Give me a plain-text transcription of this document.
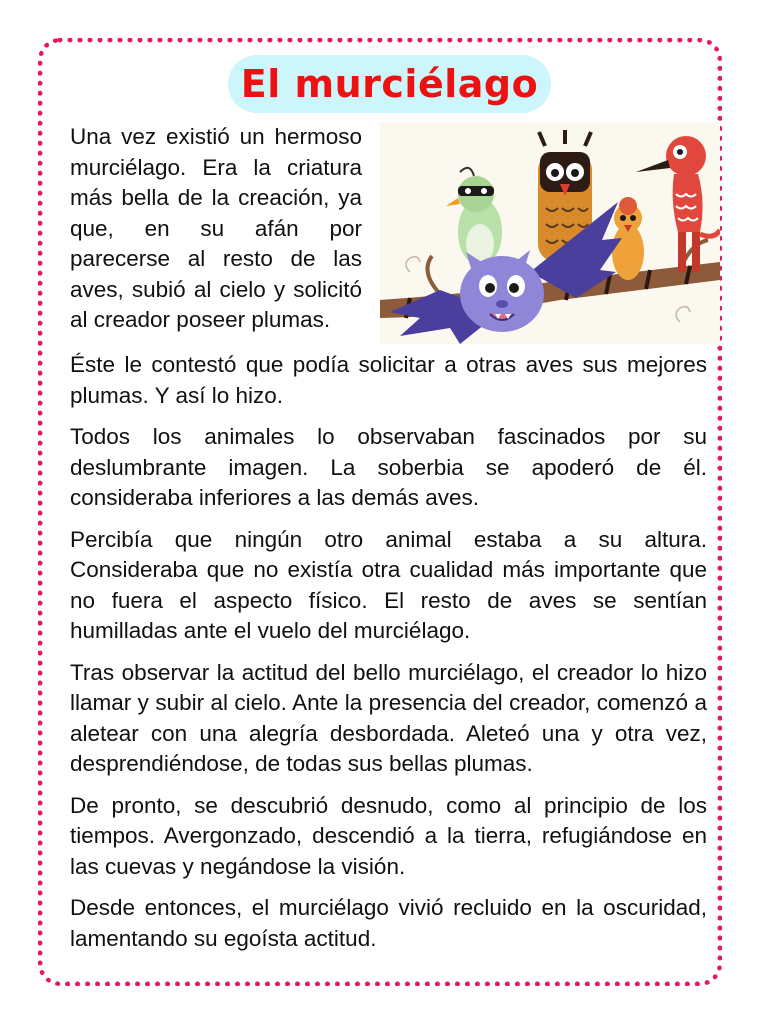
El murciélago

Una vez existió un hermoso murciélago. Era la criatura más bella de la creación, ya que, en su afán por parecerse al resto de las aves, subió al cielo y solicitó al creador poseer plumas.

Éste le contestó que podía solicitar a otras aves sus mejores plumas. Y así lo hizo.

Todos los animales lo observaban fascinados por su deslumbrante imagen. La soberbia se apoderó de él. consideraba inferiores a las demás aves.

Percibía que ningún otro animal estaba a su altura. Consideraba que no existía otra cualidad más importante que no fuera el aspecto físico. El resto de aves se sentían humilladas ante el vuelo del murciélago.

Tras observar la actitud del bello murciélago, el creador lo hizo llamar y subir al cielo. Ante la presencia del creador, comenzó a aletear con una alegría desbordada. Aleteó una y otra vez, desprendiéndose, de todas sus bellas plumas.

De pronto, se descubrió desnudo, como al principio de los tiempos. Avergonzado, descendió a la tierra, refugiándose en las cuevas y negándose la visión.

Desde entonces, el murciélago vivió recluido en la oscuridad, lamentando su egoísta actitud.
